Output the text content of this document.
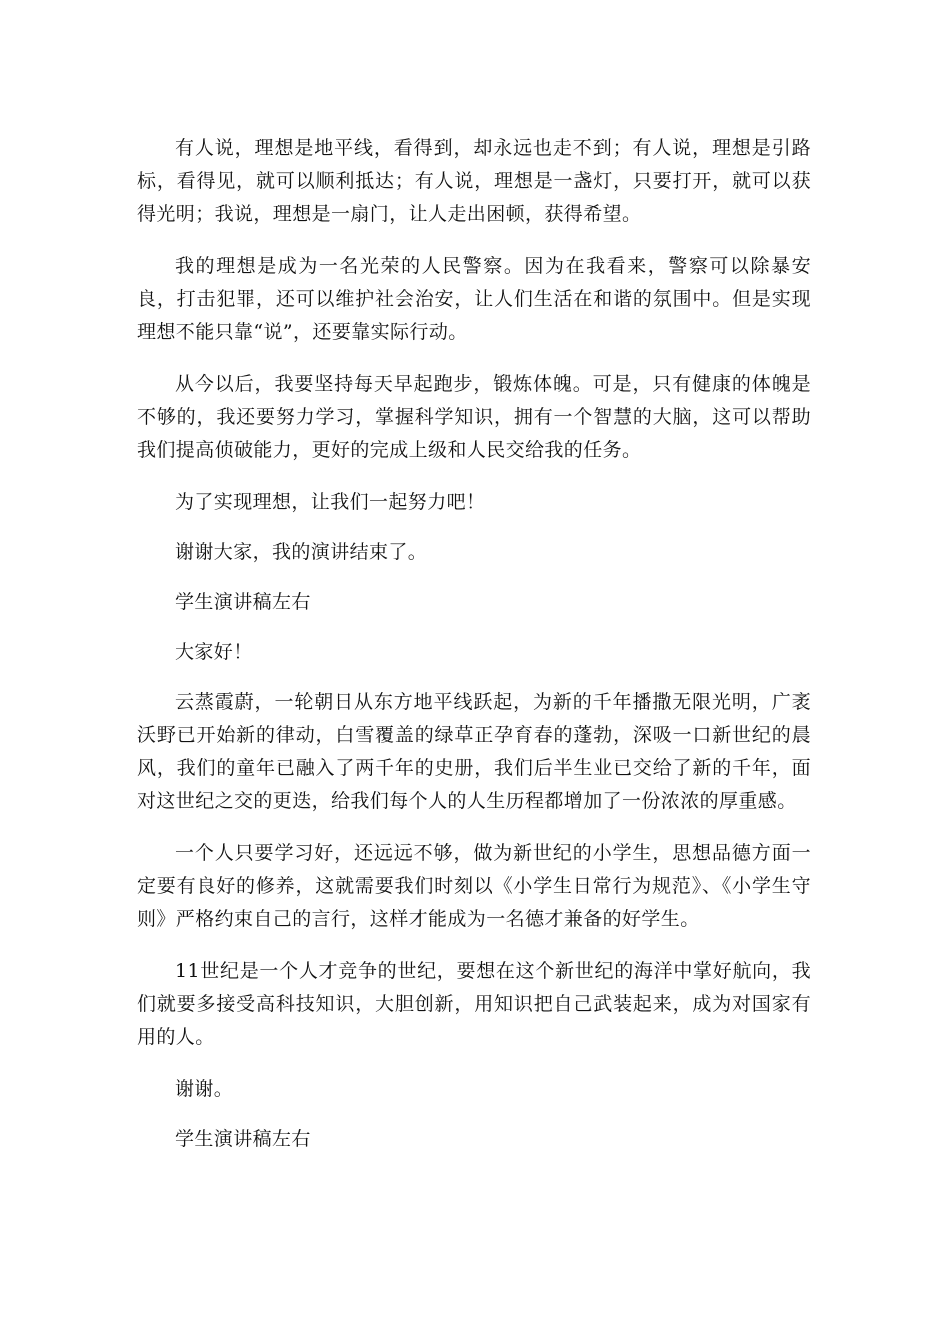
有人说，理想是地平线，看得到，却永远也走不到；有人说，理想是引路标，看得见，就可以顺利抵达；有人说，理想是一盏灯，只要打开，就可以获得光明；我说，理想是一扇门，让人走出困顿，获得希望。

我的理想是成为一名光荣的人民警察。因为在我看来，警察可以除暴安良，打击犯罪，还可以维护社会治安，让人们生活在和谐的氛围中。但是实现理想不能只靠“说”，还要靠实际行动。

从今以后，我要坚持每天早起跑步，锻炼体魄。可是，只有健康的体魄是不够的，我还要努力学习，掌握科学知识，拥有一个智慧的大脑，这可以帮助我们提高侦破能力，更好的完成上级和人民交给我的任务。

为了实现理想，让我们一起努力吧！

谢谢大家，我的演讲结束了。

学生演讲稿左右

大家好！

云蒸霞蔚，一轮朝日从东方地平线跃起，为新的千年播撒无限光明，广袤沃野已开始新的律动，白雪覆盖的绿草正孕育春的蓬勃，深吸一口新世纪的晨风，我们的童年已融入了两千年的史册，我们后半生业已交给了新的千年，面对这世纪之交的更迭，给我们每个人的人生历程都增加了一份浓浓的厚重感。

一个人只要学习好，还远远不够，做为新世纪的小学生，思想品德方面一定要有良好的修养，这就需要我们时刻以《小学生日常行为规范》、《小学生守则》严格约束自己的言行，这样才能成为一名德才兼备的好学生。

11世纪是一个人才竞争的世纪，要想在这个新世纪的海洋中掌好航向，我们就要多接受高科技知识，大胆创新，用知识把自己武装起来，成为对国家有用的人。

谢谢。

学生演讲稿左右
